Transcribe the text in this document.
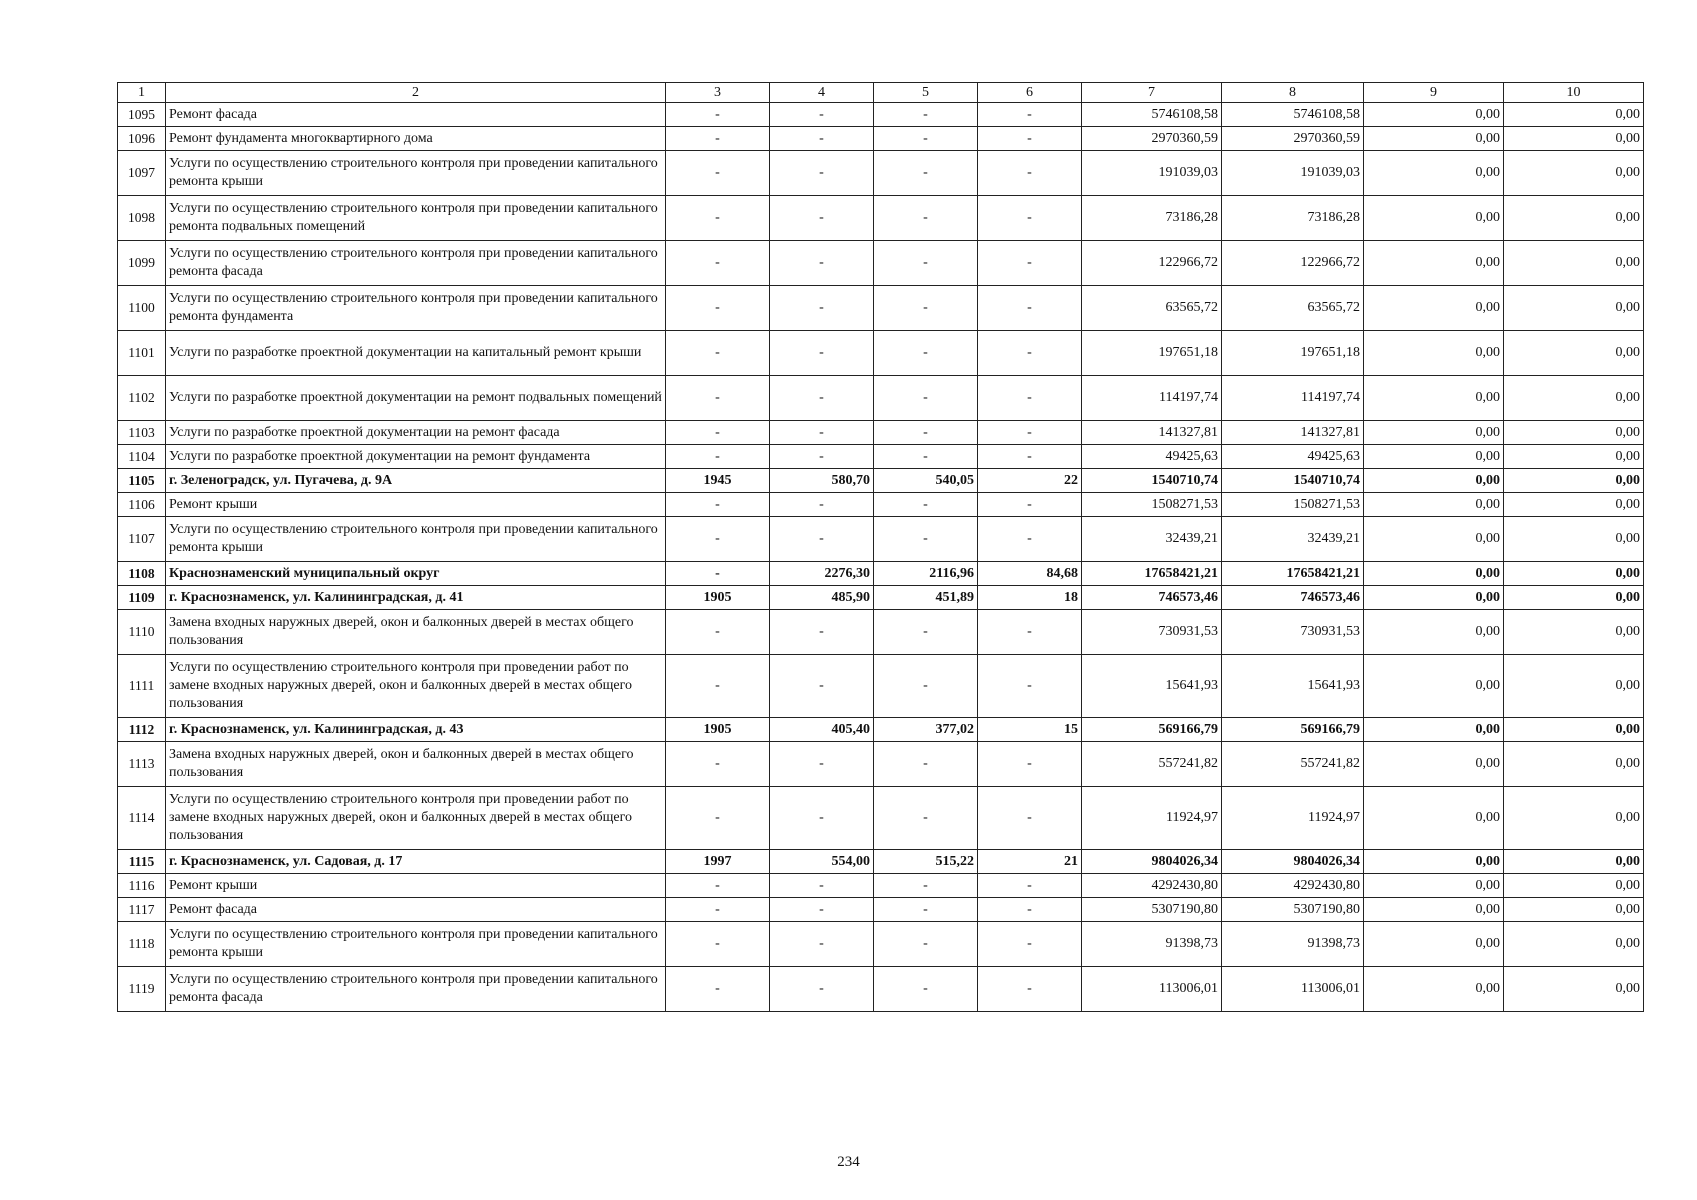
1	2	3	4	5	6	7	8	9	10
1095	Ремонт фасада	-	-	-	-	5746108,58	5746108,58	0,00	0,00
1096	Ремонт фундамента многоквартирного дома	-	-	-	-	2970360,59	2970360,59	0,00	0,00
1097	Услуги по осуществлению строительного контроля при проведении капитального ремонта крыши	-	-	-	-	191039,03	191039,03	0,00	0,00
1098	Услуги по осуществлению строительного контроля при проведении капитального ремонта подвальных помещений	-	-	-	-	73186,28	73186,28	0,00	0,00
1099	Услуги по осуществлению строительного контроля при проведении капитального ремонта фасада	-	-	-	-	122966,72	122966,72	0,00	0,00
1100	Услуги по осуществлению строительного контроля при проведении капитального ремонта фундамента	-	-	-	-	63565,72	63565,72	0,00	0,00
1101	Услуги по разработке проектной документации на капитальный ремонт крыши	-	-	-	-	197651,18	197651,18	0,00	0,00
1102	Услуги по разработке проектной документации на ремонт подвальных помещений	-	-	-	-	114197,74	114197,74	0,00	0,00
1103	Услуги по разработке проектной документации на ремонт фасада	-	-	-	-	141327,81	141327,81	0,00	0,00
1104	Услуги по разработке проектной документации на ремонт фундамента	-	-	-	-	49425,63	49425,63	0,00	0,00
1105	г. Зеленоградск, ул. Пугачева, д. 9А	1945	580,70	540,05	22	1540710,74	1540710,74	0,00	0,00
1106	Ремонт крыши	-	-	-	-	1508271,53	1508271,53	0,00	0,00
1107	Услуги по осуществлению строительного контроля при проведении капитального ремонта крыши	-	-	-	-	32439,21	32439,21	0,00	0,00
1108	Краснознаменский муниципальный округ	-	2276,30	2116,96	84,68	17658421,21	17658421,21	0,00	0,00
1109	г. Краснознаменск, ул. Калининградская, д. 41	1905	485,90	451,89	18	746573,46	746573,46	0,00	0,00
1110	Замена входных наружных дверей, окон и балконных дверей в местах общего пользования	-	-	-	-	730931,53	730931,53	0,00	0,00
1111	Услуги по осуществлению строительного контроля при проведении работ по замене входных наружных дверей, окон и балконных дверей в местах общего пользования	-	-	-	-	15641,93	15641,93	0,00	0,00
1112	г. Краснознаменск, ул. Калининградская, д. 43	1905	405,40	377,02	15	569166,79	569166,79	0,00	0,00
1113	Замена входных наружных дверей, окон и балконных дверей в местах общего пользования	-	-	-	-	557241,82	557241,82	0,00	0,00
1114	Услуги по осуществлению строительного контроля при проведении работ по замене входных наружных дверей, окон и балконных дверей в местах общего пользования	-	-	-	-	11924,97	11924,97	0,00	0,00
1115	г. Краснознаменск, ул. Садовая, д. 17	1997	554,00	515,22	21	9804026,34	9804026,34	0,00	0,00
1116	Ремонт крыши	-	-	-	-	4292430,80	4292430,80	0,00	0,00
1117	Ремонт фасада	-	-	-	-	5307190,80	5307190,80	0,00	0,00
1118	Услуги по осуществлению строительного контроля при проведении капитального ремонта крыши	-	-	-	-	91398,73	91398,73	0,00	0,00
1119	Услуги по осуществлению строительного контроля при проведении капитального ремонта фасада	-	-	-	-	113006,01	113006,01	0,00	0,00
234
